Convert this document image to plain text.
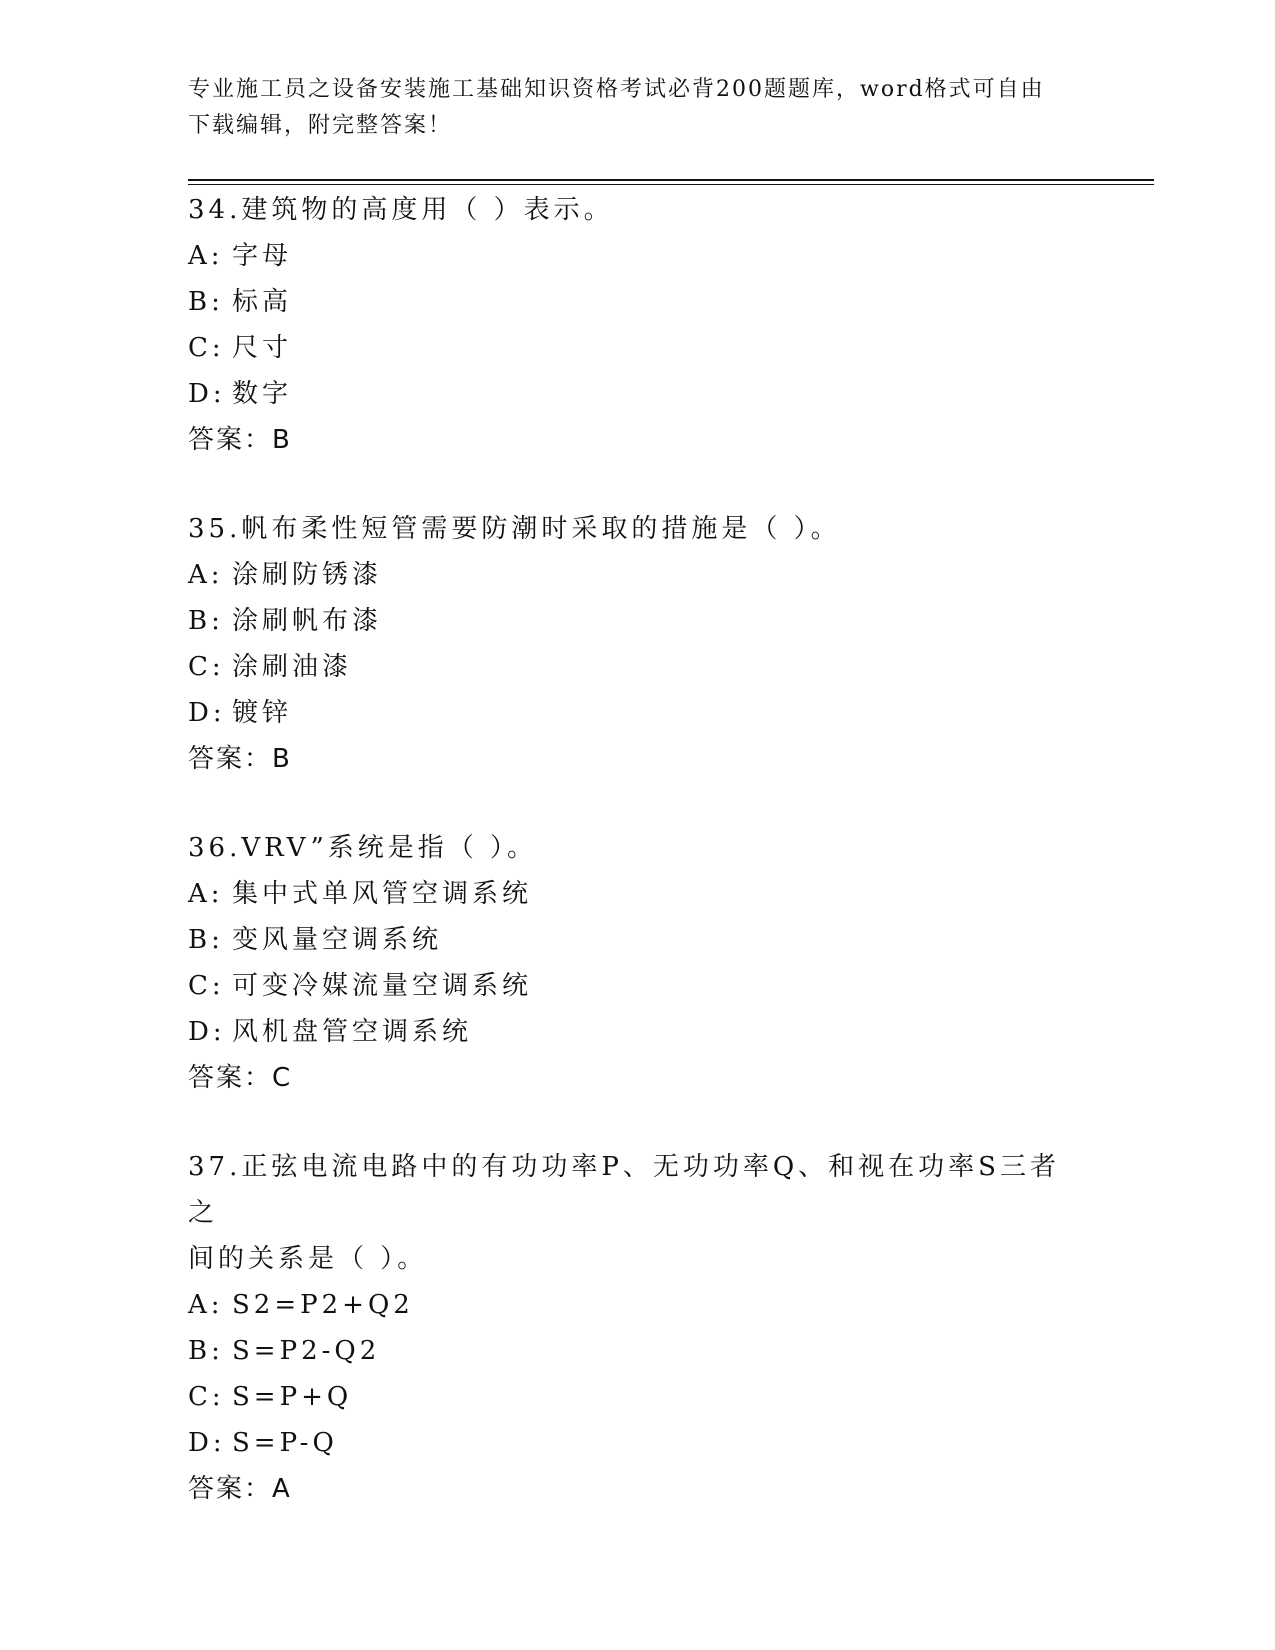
专业施工员之设备安装施工基础知识资格考试必背200题题库，word格式可自由
下载编辑，附完整答案！

34.建筑物的高度用（ ）表示。

A: 字母

B: 标高

C: 尺寸

D: 数字

答案：B

35.帆布柔性短管需要防潮时采取的措施是（ ）。

A: 涂刷防锈漆

B: 涂刷帆布漆

C: 涂刷油漆

D: 镀锌

答案：B

36.VRV”系统是指（ ）。

A: 集中式单风管空调系统

B: 变风量空调系统

C: 可变冷媒流量空调系统

D: 风机盘管空调系统

答案：C

37.正弦电流电路中的有功功率P、无功功率Q、和视在功率S三者之

间的关系是（ ）。

A: S2=P2+Q2

B: S=P2-Q2

C: S=P+Q

D: S=P-Q

答案：A
